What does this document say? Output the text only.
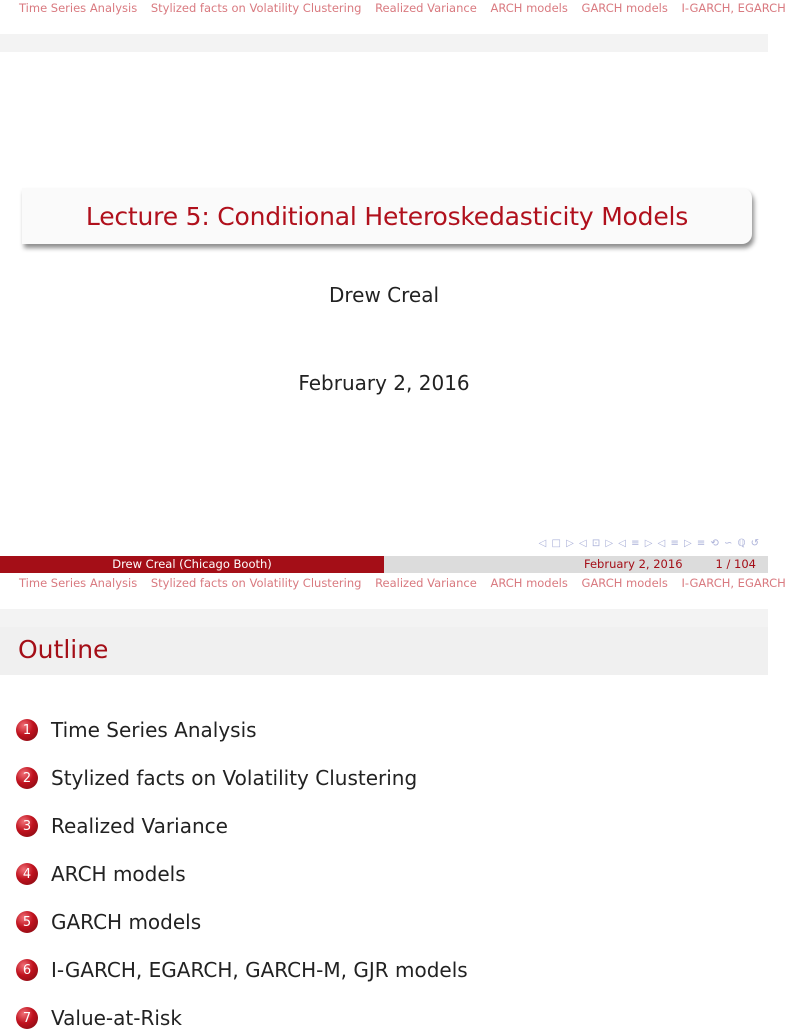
Time Series Analysis Stylized facts on Volatility Clustering Realized Variance ARCH models GARCH models I-GARCH, EGARCH
Lecture 5: Conditional Heteroskedasticity Models
Drew Creal
February 2, 2016
◁ □ ▷ ◁ ⊡ ▷ ◁ ≡ ▷ ◁ ≡ ▷ ≡ ⟲ ∽ ℚ ↺
Drew Creal (Chicago Booth)	February 2, 2016	1 / 104
Time Series Analysis Stylized facts on Volatility Clustering Realized Variance ARCH models GARCH models I-GARCH, EGARCH
Outline
1 Time Series Analysis
2 Stylized facts on Volatility Clustering
3 Realized Variance
4 ARCH models
5 GARCH models
6 I-GARCH, EGARCH, GARCH-M, GJR models
7 Value-at-Risk
